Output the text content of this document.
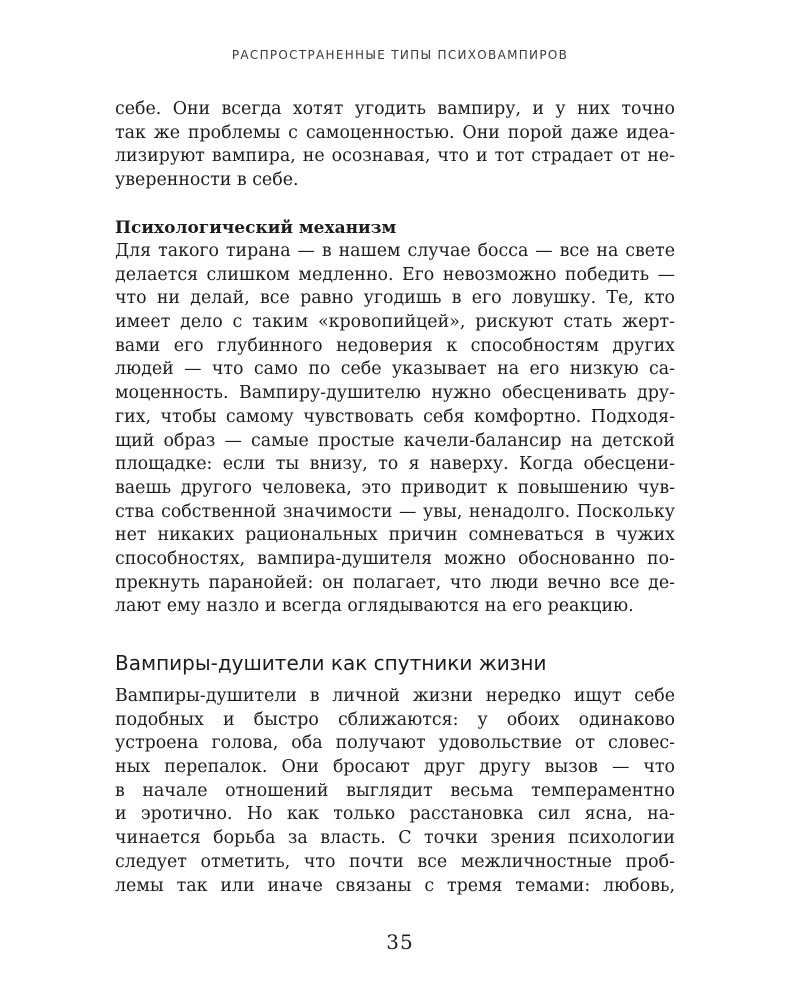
РАСПРОСТРАНЕННЫЕ ТИПЫ ПСИХОВАМПИРОВ
себе. Они всегда хотят угодить вампиру, и у них точно
так же проблемы с самоценностью. Они порой даже идеа-
лизируют вампира, не осознавая, что и тот страдает от не-
уверенности в себе.
Психологический механизм
Для такого тирана — в нашем случае босса — все на свете
делается слишком медленно. Его невозможно победить —
что ни делай, все равно угодишь в его ловушку. Те, кто
имеет дело с таким «кровопийцей», рискуют стать жерт-
вами его глубинного недоверия к способностям других
людей — что само по себе указывает на его низкую са-
моценность. Вампиру-душителю нужно обесценивать дру-
гих, чтобы самому чувствовать себя комфортно. Подходя-
щий образ — самые простые качели-балансир на детской
площадке: если ты внизу, то я наверху. Когда обесцени-
ваешь другого человека, это приводит к повышению чув-
ства собственной значимости — увы, ненадолго. Поскольку
нет никаких рациональных причин сомневаться в чужих
способностях, вампира-душителя можно обоснованно по-
прекнуть паранойей: он полагает, что люди вечно все де-
лают ему назло и всегда оглядываются на его реакцию.
Вампиры-душители как спутники жизни
Вампиры-душители в личной жизни нередко ищут себе
подобных и быстро сближаются: у обоих одинаково
устроена голова, оба получают удовольствие от словес-
ных перепалок. Они бросают друг другу вызов — что
в начале отношений выглядит весьма темпераментно
и эротично. Но как только расстановка сил ясна, на-
чинается борьба за власть. С точки зрения психологии
следует отметить, что почти все межличностные проб-
лемы так или иначе связаны с тремя темами: любовь,
35
